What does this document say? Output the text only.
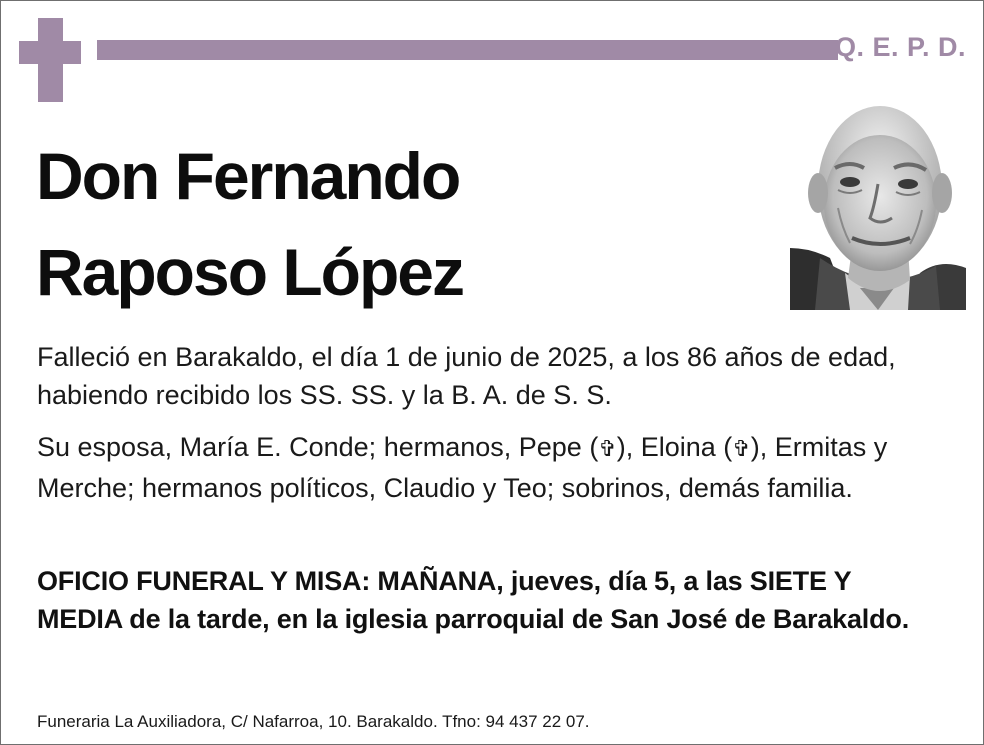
Q. E. P. D.
Don Fernando
Raposo López

Falleció en Barakaldo, el día 1 de junio de 2025, a los 86 años de edad, habiendo recibido los SS. SS. y la B. A. de S. S.

Su esposa, María E. Conde; hermanos, Pepe (✞), Eloina (✞), Ermitas y Merche; hermanos políticos, Claudio y Teo; sobrinos, demás familia.

OFICIO FUNERAL Y MISA: MAÑANA, jueves, día 5, a las SIETE Y MEDIA de la tarde, en la iglesia parroquial de San José de Barakaldo.

Funeraria La Auxiliadora, C/ Nafarroa, 10. Barakaldo. Tfno: 94 437 22 07.
